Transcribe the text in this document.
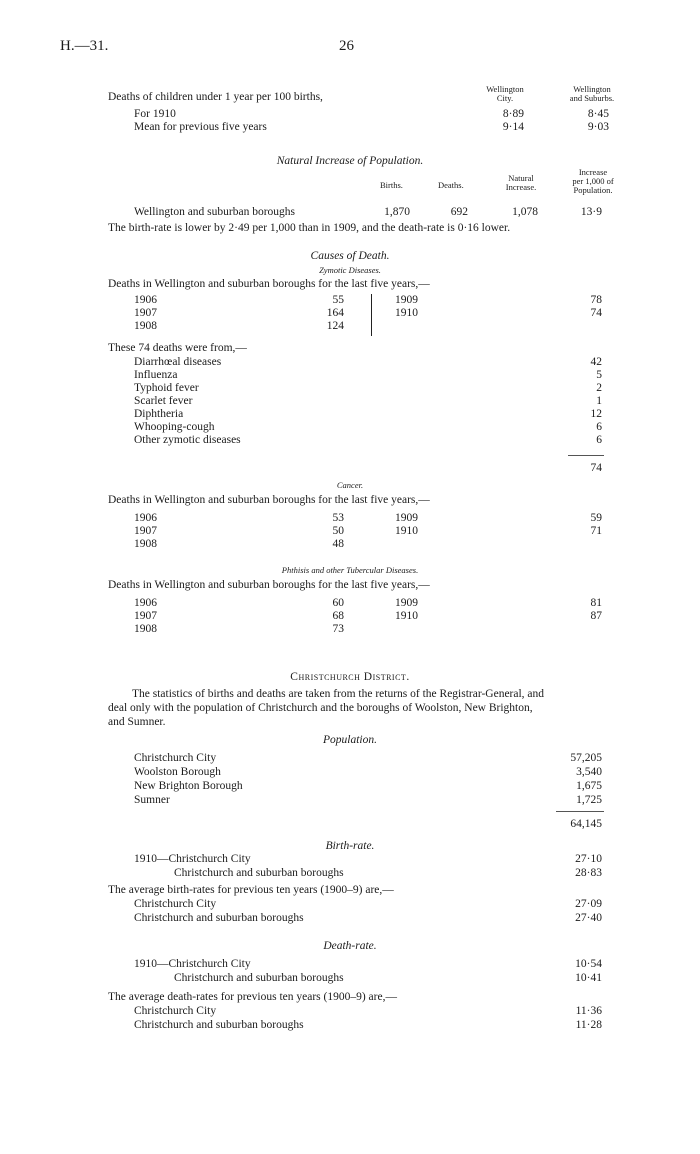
H.—31.	26
Wellington
City.
Wellington
and Suburbs.
Deaths of children under 1 year per 100 births,
For 1910	8·89	8·45
Mean for previous five years	9·14	9·03
Natural Increase of Population.
Births.	Deaths.
Natural
Increase.
Increase
per 1,000 of
Population.
Wellington and suburban boroughs	1,870	692	1,078	13·9
The birth-rate is lower by 2·49 per 1,000 than in 1909, and the death-rate is 0·16 lower.
Causes of Death.
Zymotic Diseases.
Deaths in Wellington and suburban boroughs for the last five years,—
1906	55
1907	164
1908	124
1909	78
1910	74
These 74 deaths were from,—
Diarrhœal diseases	42
Influenza	5
Typhoid fever	2
Scarlet fever	1
Diphtheria	12
Whooping-cough	6
Other zymotic diseases	6
74
Cancer.
Deaths in Wellington and suburban boroughs for the last five years,—
1906	53
1907	50
1908	48
1909	59
1910	71
Phthisis and other Tubercular Diseases.
Deaths in Wellington and suburban boroughs for the last five years,—
1906	60
1907	68
1908	73
1909	81
1910	87
Christchurch District.
The statistics of births and deaths are taken from the returns of the Registrar-General, and
deal only with the population of Christchurch and the boroughs of Woolston, New Brighton,
and Sumner.
Population.
Christchurch City	57,205
Woolston Borough	3,540
New Brighton Borough	1,675
Sumner	1,725
64,145
Birth-rate.
1910—Christchurch City	27·10
Christchurch and suburban boroughs	28·83
The average birth-rates for previous ten years (1900–9) are,—
Christchurch City	27·09
Christchurch and suburban boroughs	27·40
Death-rate.
1910—Christchurch City	10·54
Christchurch and suburban boroughs	10·41
The average death-rates for previous ten years (1900–9) are,—
Christchurch City	11·36
Christchurch and suburban boroughs	11·28
